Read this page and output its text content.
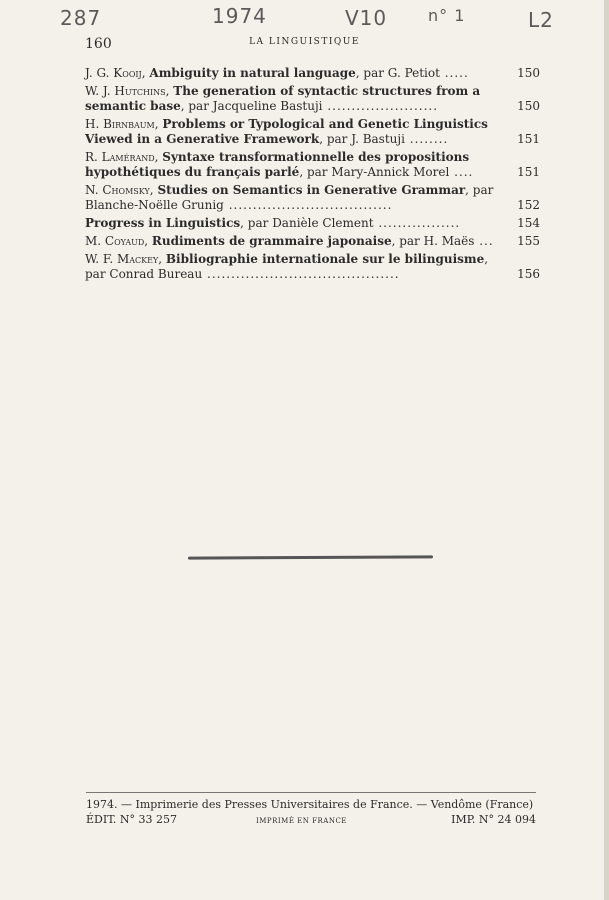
287	1974	V10	n° 1	L2
160	LA LINGUISTIQUE
J. G. Kooij, Ambiguity in natural language, par G. Petiot .....	150
W. J. Hutchins, The generation of syntactic structures from a semantic base, par Jacqueline Bastuji .......................	150
H. Birnbaum, Problems or Typological and Genetic Linguistics Viewed in a Generative Framework, par J. Bastuji ........	151
R. Lamérand, Syntaxe transformationnelle des propositions hypothétiques du français parlé, par Mary-Annick Morel ....	151
N. Chomsky, Studies on Semantics in Generative Grammar, par Blanche-Noëlle Grunig ..................................	152
Progress in Linguistics, par Danièle Clement .................	154
M. Coyaud, Rudiments de grammaire japonaise, par H. Maës ... 155
W. F. Mackey, Bibliographie internationale sur le bilinguisme, par Conrad Bureau ........................................	156
1974. — Imprimerie des Presses Universitaires de France. — Vendôme (France)
ÉDIT. N° 33 257	IMPRIMÉ EN FRANCE	IMP. N° 24 094
